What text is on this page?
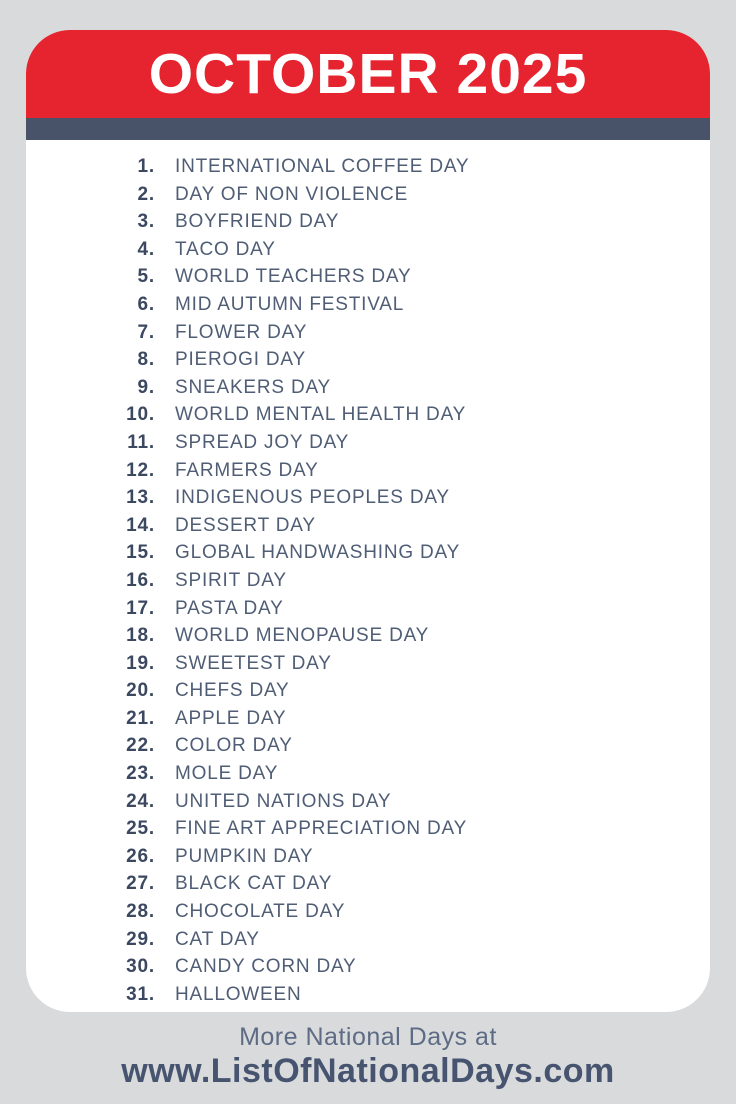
OCTOBER 2025
1. INTERNATIONAL COFFEE DAY
2. DAY OF NON VIOLENCE
3. BOYFRIEND DAY
4. TACO DAY
5. WORLD TEACHERS DAY
6. MID AUTUMN FESTIVAL
7. FLOWER DAY
8. PIEROGI DAY
9. SNEAKERS DAY
10. WORLD MENTAL HEALTH DAY
11. SPREAD JOY DAY
12. FARMERS DAY
13. INDIGENOUS PEOPLES DAY
14. DESSERT DAY
15. GLOBAL HANDWASHING DAY
16. SPIRIT DAY
17. PASTA DAY
18. WORLD MENOPAUSE DAY
19. SWEETEST DAY
20. CHEFS DAY
21. APPLE DAY
22. COLOR DAY
23. MOLE DAY
24. UNITED NATIONS DAY
25. FINE ART APPRECIATION DAY
26. PUMPKIN DAY
27. BLACK CAT DAY
28. CHOCOLATE DAY
29. CAT DAY
30. CANDY CORN DAY
31. HALLOWEEN

More National Days at

www.ListOfNationalDays.com
